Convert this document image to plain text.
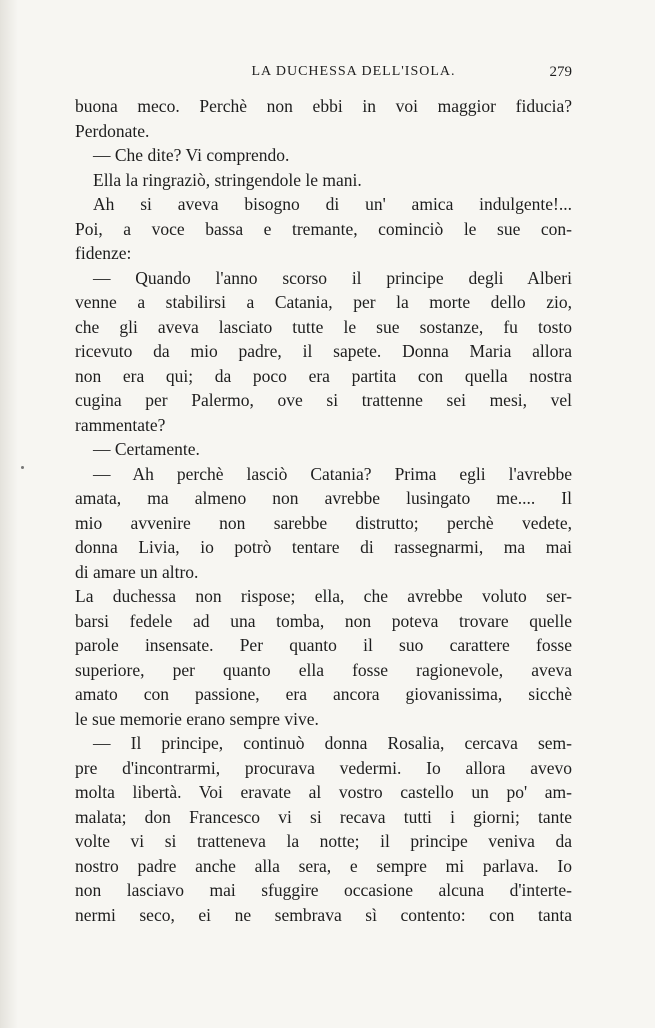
LA DUCHESSA DELL'ISOLA.	279
buona meco. Perchè non ebbi in voi maggior fiducia?
Perdonate.
— Che dite? Vi comprendo.
Ella la ringraziò, stringendole le mani.
Ah si aveva bisogno di un' amica indulgente!...
Poi, a voce bassa e tremante, cominciò le sue con-
fidenze:
— Quando l'anno scorso il principe degli Alberi
venne a stabilirsi a Catania, per la morte dello zio,
che gli aveva lasciato tutte le sue sostanze, fu tosto
ricevuto da mio padre, il sapete. Donna Maria allora
non era qui; da poco era partita con quella nostra
cugina per Palermo, ove si trattenne sei mesi, vel
rammentate?
— Certamente.
— Ah perchè lasciò Catania? Prima egli l'avrebbe
amata, ma almeno non avrebbe lusingato me.... Il
mio avvenire non sarebbe distrutto; perchè vedete,
donna Livia, io potrò tentare di rassegnarmi, ma mai
di amare un altro.
La duchessa non rispose; ella, che avrebbe voluto ser-
barsi fedele ad una tomba, non poteva trovare quelle
parole insensate. Per quanto il suo carattere fosse
superiore, per quanto ella fosse ragionevole, aveva
amato con passione, era ancora giovanissima, sicchè
le sue memorie erano sempre vive.
— Il principe, continuò donna Rosalia, cercava sem-
pre d'incontrarmi, procurava vedermi. Io allora avevo
molta libertà. Voi eravate al vostro castello un po' am-
malata; don Francesco vi si recava tutti i giorni; tante
volte vi si tratteneva la notte; il principe veniva da
nostro padre anche alla sera, e sempre mi parlava. Io
non lasciavo mai sfuggire occasione alcuna d'interte-
nermi seco, ei ne sembrava sì contento: con tanta
